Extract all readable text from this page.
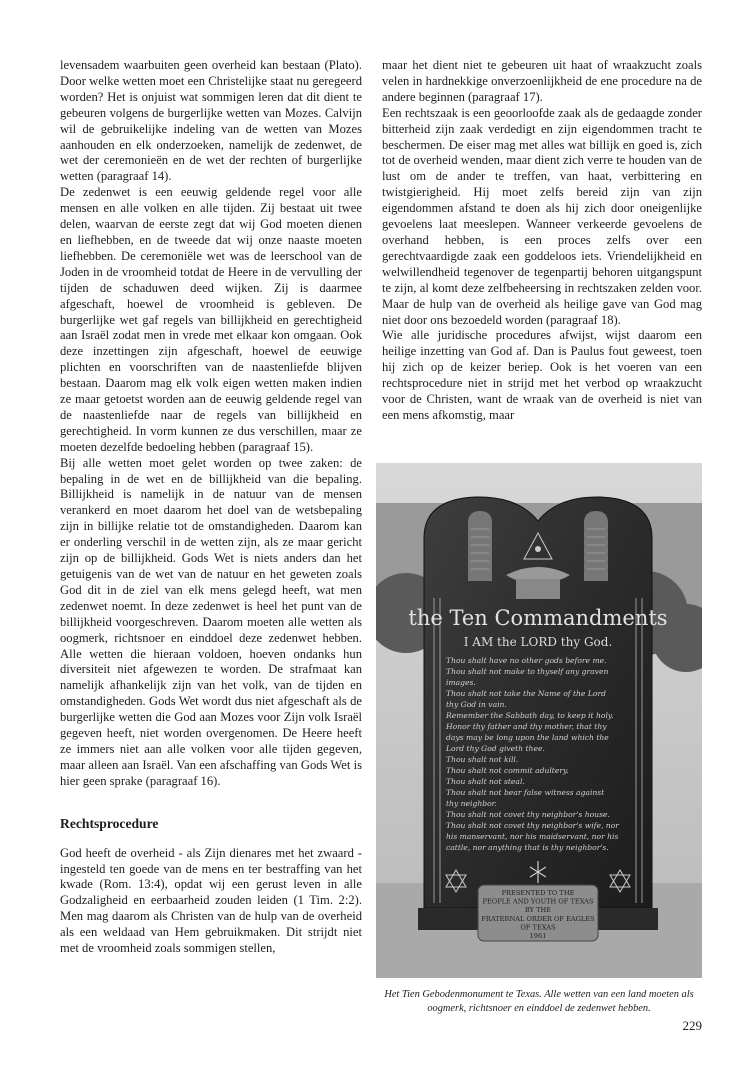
levensadem waarbuiten geen overheid kan bestaan (Plato). Door welke wetten moet een Christelijke staat nu geregeerd worden? Het is onjuist wat sommigen leren dat dit dient te gebeuren volgens de burgerlijke wetten van Mozes. Calvijn wil de gebruikelijke indeling van de wetten van Mozes aanhouden en elk onderzoeken, namelijk de zedenwet, de wet der ceremonieën en de wet der rechten of burgerlijke wetten (paragraaf 14).

De zedenwet is een eeuwig geldende regel voor alle mensen en alle volken en alle tijden. Zij bestaat uit twee delen, waarvan de eerste zegt dat wij God moeten dienen en liefhebben, en de tweede dat wij onze naaste moeten liefhebben. De ceremoniële wet was de leerschool van de Joden in de vroomheid totdat de Heere in de vervulling der tijden de schaduwen deed wijken. Zij is daarmee afgeschaft, hoewel de vroomheid is gebleven. De burgerlijke wet gaf regels van billijkheid en gerechtigheid aan Israël zodat men in vrede met elkaar kon omgaan. Ook deze inzettingen zijn afgeschaft, hoewel de eeuwige plichten en voorschriften van de naastenliefde blijven bestaan. Daarom mag elk volk eigen wetten maken indien ze maar getoetst worden aan de eeuwig geldende regel van de naastenliefde naar de regels van billijkheid en gerechtigheid. In vorm kunnen ze dus verschillen, maar ze moeten dezelfde bedoeling hebben (paragraaf 15).

Bij alle wetten moet gelet worden op twee zaken: de bepaling in de wet en de billijkheid van die bepaling. Billijkheid is namelijk in de natuur van de mensen verankerd en moet daarom het doel van de wetsbepaling zijn in billijke relatie tot de omstandigheden. Daarom kan er onderling verschil in de wetten zijn, als ze maar gericht zijn op de billijkheid. Gods Wet is niets anders dan het getuigenis van de wet van de natuur en het geweten zoals God dit in de ziel van elk mens gelegd heeft, wat men zedenwet noemt. In deze zedenwet is heel het punt van de billijkheid voorgeschreven. Daarom moeten alle wetten als oogmerk, richtsnoer en einddoel deze zedenwet hebben. Alle wetten die hieraan voldoen, hoeven ondanks hun diversiteit niet afgewezen te worden. De strafmaat kan namelijk afhankelijk zijn van het volk, van de tijden en omstandigheden. Gods Wet wordt dus niet afgeschaft als de burgerlijke wetten die God aan Mozes voor Zijn volk Israël gegeven heeft, niet worden overgenomen. De Heere heeft ze immers niet aan alle volken voor alle tijden gegeven, maar alleen aan Israël. Van een afschaffing van Gods Wet is hier geen sprake (paragraaf 16).

Rechtsprocedure

God heeft de overheid - als Zijn dienares met het zwaard - ingesteld ten goede van de mens en ter bestraffing van het kwade (Rom. 13:4), opdat wij een gerust leven in alle Godzaligheid en eerbaarheid zouden leiden (1 Tim. 2:2). Men mag daarom als Christen van de hulp van de overheid als een weldaad van Hem gebruikmaken. Dit strijdt niet met de vroomheid zoals sommigen stellen,

maar het dient niet te gebeuren uit haat of wraakzucht zoals velen in hardnekkige onverzoenlijkheid de ene procedure na de andere beginnen (paragraaf 17).

Een rechtszaak is een geoorloofde zaak als de gedaagde zonder bitterheid zijn zaak verdedigt en zijn eigendommen tracht te beschermen. De eiser mag met alles wat billijk en goed is, zich tot de overheid wenden, maar dient zich verre te houden van de lust om de ander te treffen, van haat, verbittering en twistgierigheid. Hij moet zelfs bereid zijn van zijn eigendommen afstand te doen als hij zich door oneigenlijke gevoelens laat meeslepen. Wanneer verkeerde gevoelens de overhand hebben, is een proces zelfs over een gerechtvaardigde zaak een goddeloos iets. Vriendelijkheid en welwillendheid tegenover de tegenpartij behoren uitgangspunt te zijn, al komt deze zelfbeheersing in rechtszaken zelden voor. Maar de hulp van de overheid als heilige gave van God mag niet door ons bezoedeld worden (paragraaf 18).

Wie alle juridische procedures afwijst, wijst daarom een heilige inzetting van God af. Dan is Paulus fout geweest, toen hij zich op de keizer beriep. Ook is het voeren van een rechtsprocedure niet in strijd met het verbod op wraakzucht voor de Christen, want de wraak van de overheid is niet van een mens afkomstig, maar

the Ten Commandments
I AM the LORD thy God.
Thou shalt have no other gods before me.
Thou shalt not make to thyself any graven
images.
Thou shalt not take the Name of the Lord
thy God in vain.
Remember the Sabbath day, to keep it holy.
Honor thy father and thy mother, that thy
days may be long upon the land which the
Lord thy God giveth thee.
Thou shalt not kill.
Thou shalt not commit adultery.
Thou shalt not steal.
Thou shalt not bear false witness against
thy neighbor.
Thou shalt not covet thy neighbor's house.
Thou shalt not covet thy neighbor's wife, nor
his manservant, nor his maidservant, nor his
cattle, nor anything that is thy neighbor's.
PRESENTED TO THE
PEOPLE AND YOUTH OF TEXAS
BY THE
FRATERNAL ORDER OF EAGLES
OF TEXAS
1961
Het Tien Gebodenmonument te Texas. Alle wetten van een land moeten als oogmerk, richtsnoer en einddoel de zedenwet hebben.
229
